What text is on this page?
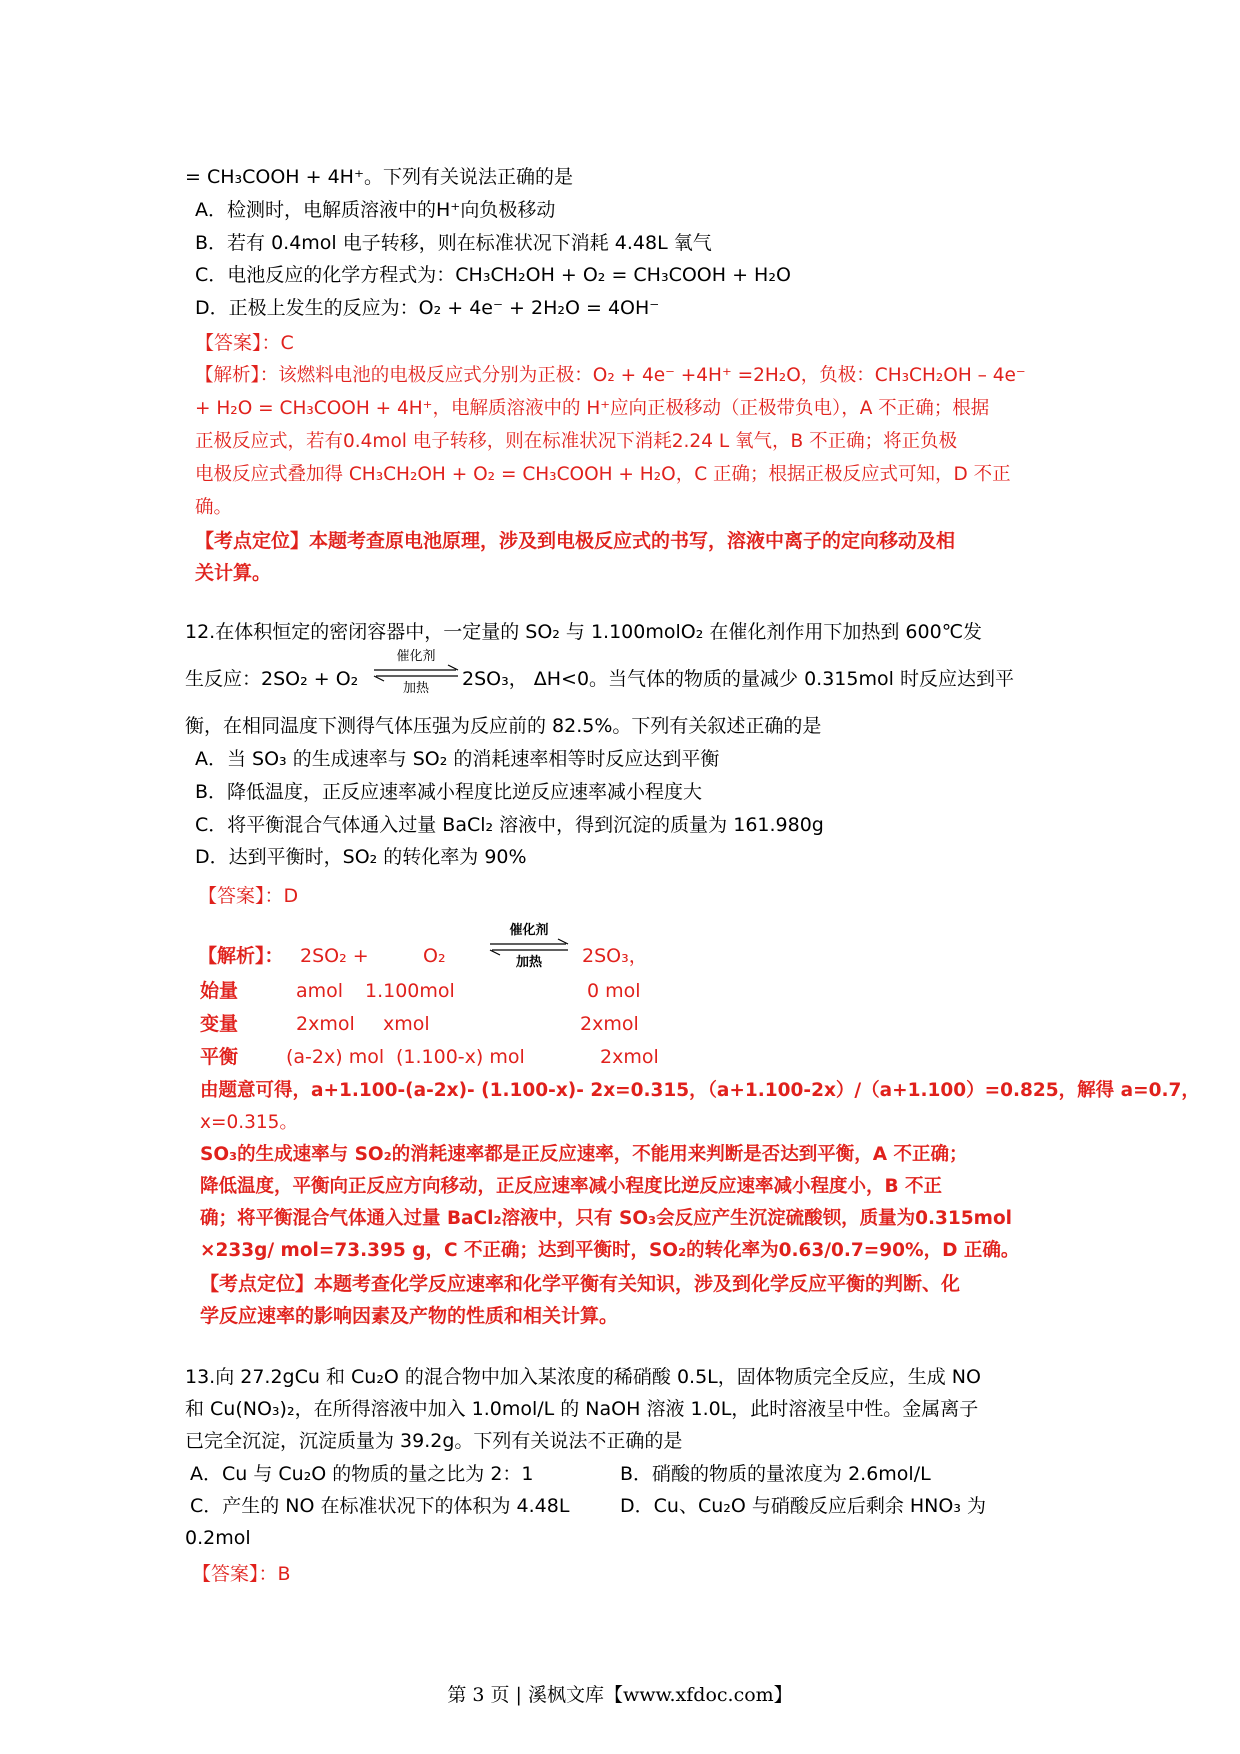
= CH₃COOH + 4H⁺。下列有关说法正确的是
A．检测时，电解质溶液中的H⁺向负极移动
B．若有 0.4mol 电子转移，则在标准状况下消耗 4.48L 氧气
C．电池反应的化学方程式为：CH₃CH₂OH + O₂ = CH₃COOH + H₂O
D．正极上发生的反应为：O₂ + 4e⁻ + 2H₂O = 4OH⁻
【答案】：C
【解析】：该燃料电池的电极反应式分别为正极：O₂ + 4e⁻ +4H⁺ =2H₂O，负极：CH₃CH₂OH – 4e⁻
+ H₂O = CH₃COOH + 4H⁺，电解质溶液中的 H⁺应向正极移动（正极带负电），A 不正确；根据
正极反应式，若有0.4mol 电子转移，则在标准状况下消耗2.24 L 氧气，B 不正确；将正负极
电极反应式叠加得 CH₃CH₂OH + O₂ = CH₃COOH + H₂O，C 正确；根据正极反应式可知，D 不正
确。
【考点定位】本题考查原电池原理，涉及到电极反应式的书写，溶液中离子的定向移动及相
关计算。
12.在体积恒定的密闭容器中，一定量的 SO₂ 与 1.100molO₂ 在催化剂作用下加热到 600℃发
生反应：2SO₂ + O₂
催化剂
加热	2SO₃， ΔH<0。当气体的物质的量减少 0.315mol 时反应达到平
衡，在相同温度下测得气体压强为反应前的 82.5%。下列有关叙述正确的是
A．当 SO₃ 的生成速率与 SO₂ 的消耗速率相等时反应达到平衡
B．降低温度，正反应速率减小程度比逆反应速率减小程度大
C．将平衡混合气体通入过量 BaCl₂ 溶液中，得到沉淀的质量为 161.980g
D．达到平衡时，SO₂ 的转化率为 90%
【答案】：D
【解析】： 2SO₂ +	O₂
催化剂
加热	2SO₃，
始量	amol 1.100mol	0 mol
变量	2xmol xmol	2xmol
平衡	(a-2x) mol (1.100-x) mol	2xmol
由题意可得，a+1.100-(a-2x)- (1.100-x)- 2x=0.315，（a+1.100-2x）/（a+1.100）=0.825，解得 a=0.7，
x=0.315。
SO₃的生成速率与 SO₂的消耗速率都是正反应速率，不能用来判断是否达到平衡，A 不正确；
降低温度，平衡向正反应方向移动，正反应速率减小程度比逆反应速率减小程度小，B 不正
确；将平衡混合气体通入过量 BaCl₂溶液中，只有 SO₃会反应产生沉淀硫酸钡，质量为0.315mol
×233g/ mol=73.395 g，C 不正确；达到平衡时，SO₂的转化率为0.63/0.7=90%，D 正确。
【考点定位】本题考查化学反应速率和化学平衡有关知识，涉及到化学反应平衡的判断、化
学反应速率的影响因素及产物的性质和相关计算。
13.向 27.2gCu 和 Cu₂O 的混合物中加入某浓度的稀硝酸 0.5L，固体物质完全反应，生成 NO
和 Cu(NO₃)₂，在所得溶液中加入 1.0mol/L 的 NaOH 溶液 1.0L，此时溶液呈中性。金属离子
已完全沉淀，沉淀质量为 39.2g。下列有关说法不正确的是
A．Cu 与 Cu₂O 的物质的量之比为 2：1	B．硝酸的物质的量浓度为 2.6mol/L
C．产生的 NO 在标准状况下的体积为 4.48L	D．Cu、Cu₂O 与硝酸反应后剩余 HNO₃ 为
0.2mol
【答案】：B
第 3 页 | 溪枫文库【www.xfdoc.com】
